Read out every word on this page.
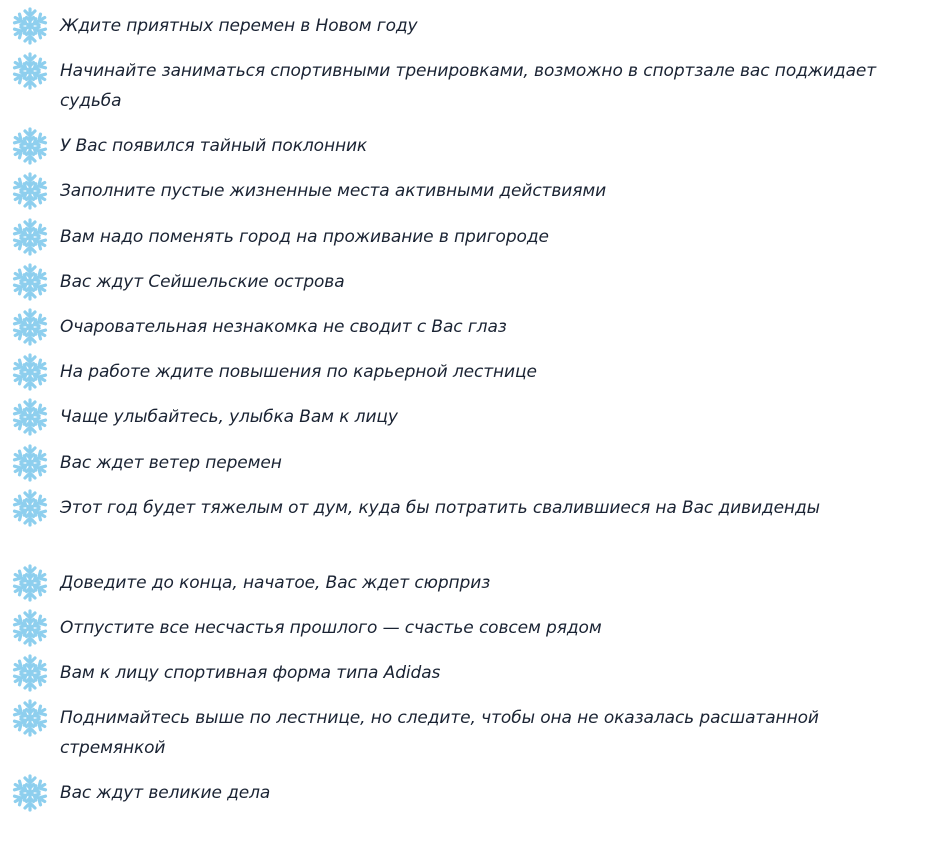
Ждите приятных перемен в Новом году
Начинайте заниматься спортивными тренировками, возможно в спортзале вас поджидает судьба
У Вас появился тайный поклонник
Заполните пустые жизненные места активными действиями
Вам надо поменять город на проживание в пригороде
Вас ждут Сейшельские острова
Очаровательная незнакомка не сводит с Вас глаз
На работе ждите повышения по карьерной лестнице
Чаще улыбайтесь, улыбка Вам к лицу
Вас ждет ветер перемен
Этот год будет тяжелым от дум, куда бы потратить свалившиеся на Вас дивиденды
Доведите до конца, начатое, Вас ждет сюрприз
Отпустите все несчастья прошлого — счастье совсем рядом
Вам к лицу спортивная форма типа Adidas
Поднимайтесь выше по лестнице, но следите, чтобы она не оказалась расшатанной стремянкой
Вас ждут великие дела
